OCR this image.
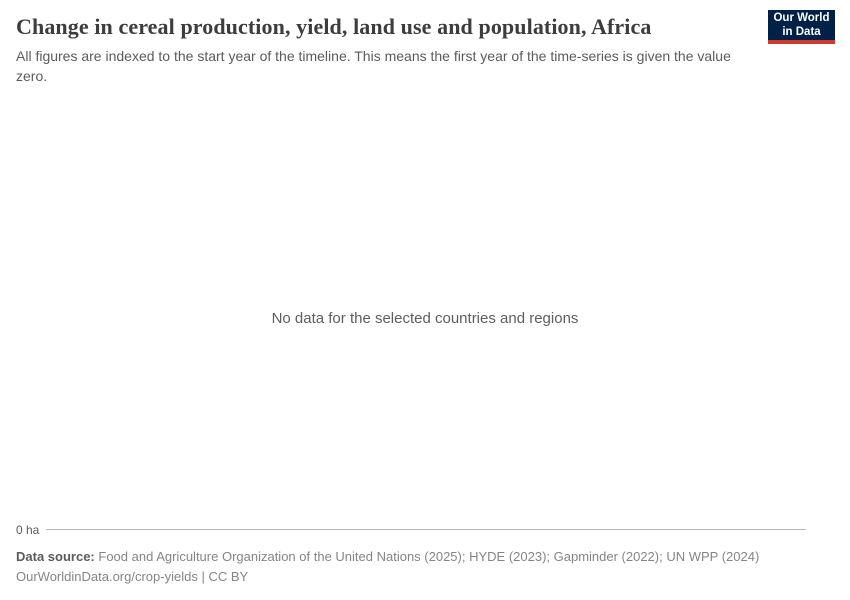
Change in cereal production, yield, land use and population, Africa

All figures are indexed to the start year of the timeline. This means the first year of the time-series is given the value zero.

Our World
in Data
No data for the selected countries and regions
0 ha
Data source: Food and Agriculture Organization of the United Nations (2025); HYDE (2023); Gapminder (2022); UN WPP (2024)
OurWorldinData.org/crop-yields | CC BY
